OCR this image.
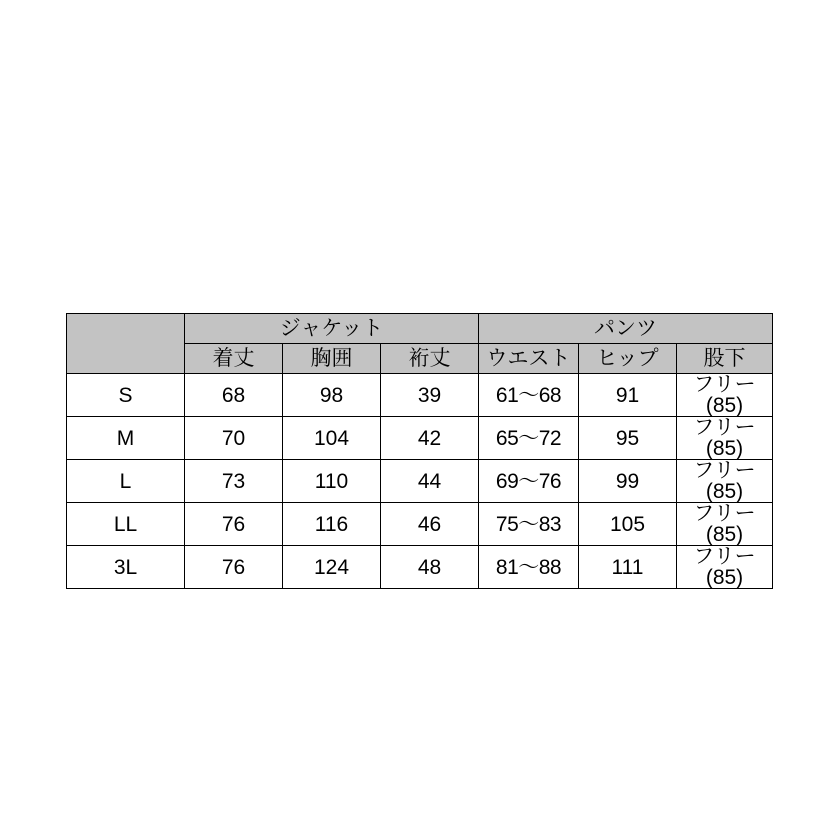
	ジャケット			パンツ		
	着丈	胸囲	裄丈	ウエスト	ヒップ	股下
S	68	98	39	61〜68	91	フリー(85)
M	70	104	42	65〜72	95	フリー(85)
L	73	110	44	69〜76	99	フリー(85)
LL	76	116	46	75〜83	105	フリー(85)
3L	76	124	48	81〜88	111	フリー(85)
